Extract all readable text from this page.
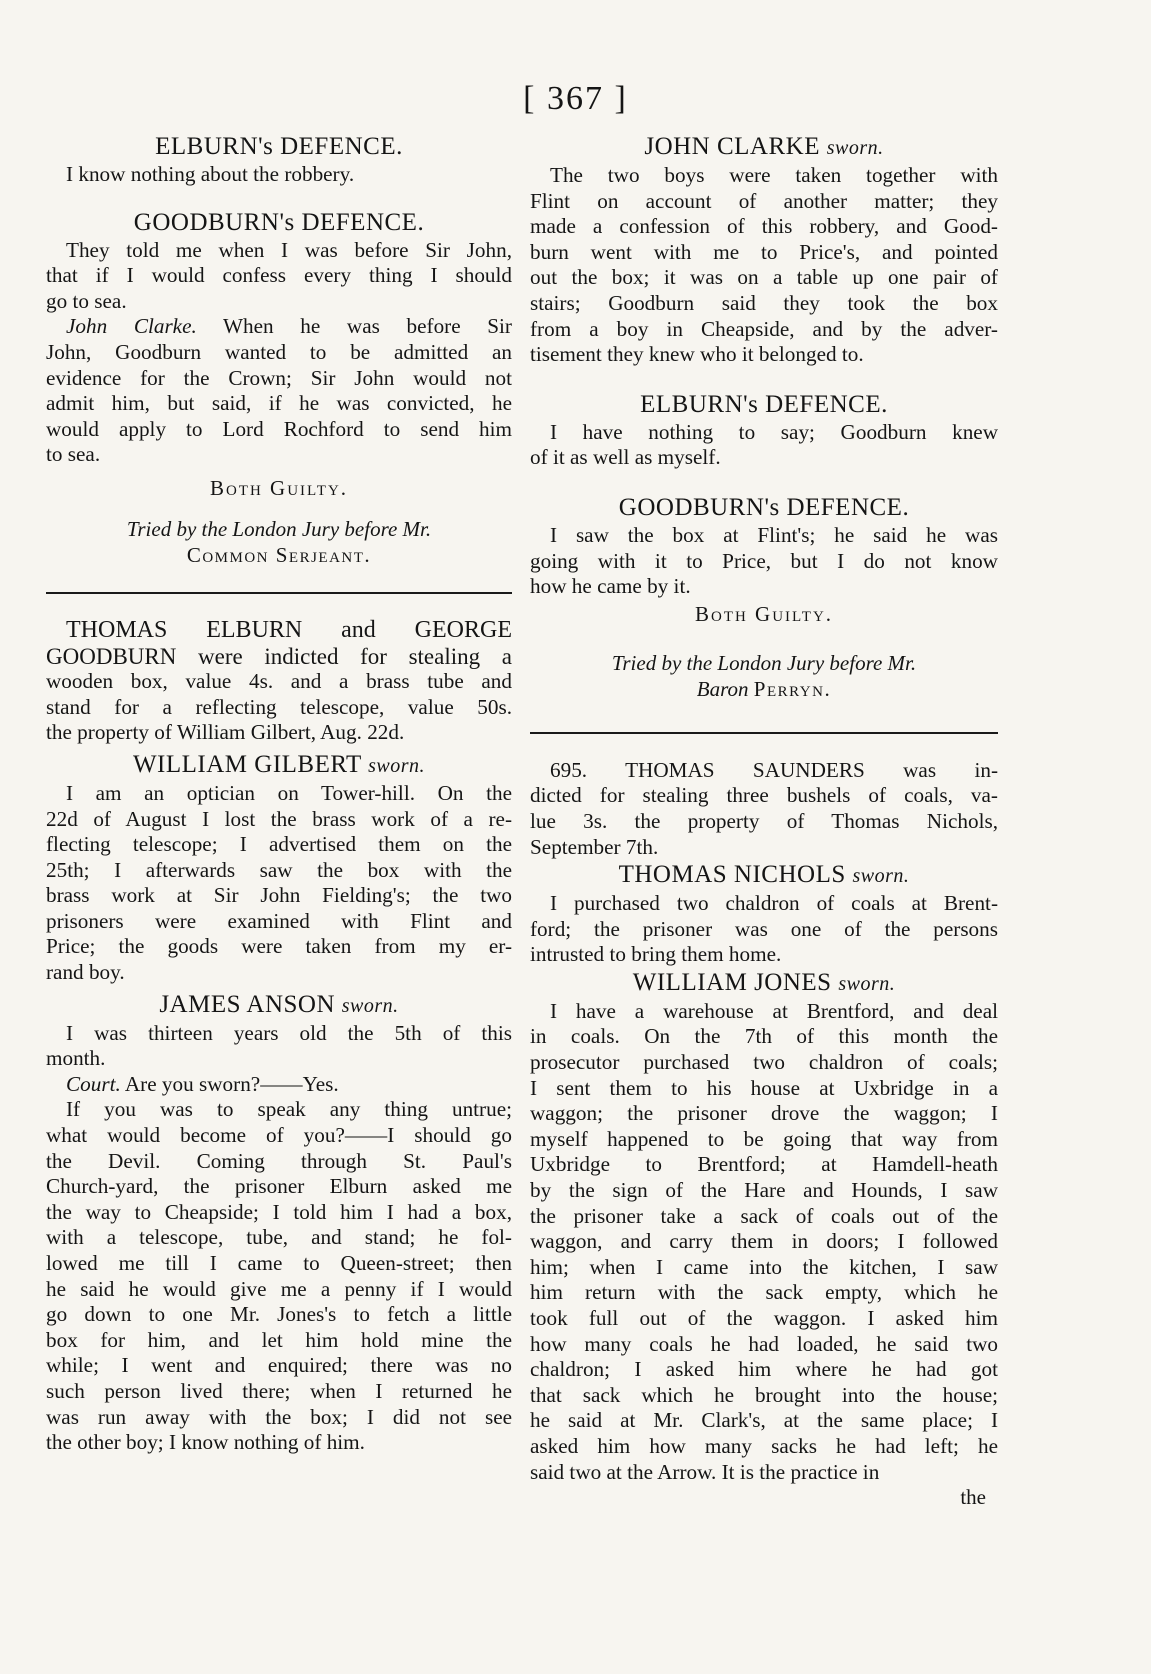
[ 367 ]

ELBURN's DEFENCE.

I know nothing about the robbery.

GOODBURN's DEFENCE.

They told me when I was before Sir John,
that if I would confess every thing I should
go to sea.
John Clarke. When he was before Sir
John, Goodburn wanted to be admitted an
evidence for the Crown; Sir John would not
admit him, but said, if he was convicted, he
would apply to Lord Rochford to send him
to sea.

Both Guilty.

Tried by the London Jury before Mr.
Common Serjeant.

THOMAS ELBURN and GEORGE
GOODBURN were indicted for stealing a
wooden box, value 4s. and a brass tube and
stand for a reflecting telescope, value 50s.
the property of William Gilbert, Aug. 22d.

WILLIAM GILBERT sworn.

I am an optician on Tower-hill. On the
22d of August I lost the brass work of a re-
flecting telescope; I advertised them on the
25th; I afterwards saw the box with the
brass work at Sir John Fielding's; the two
prisoners were examined with Flint and
Price; the goods were taken from my er-
rand boy.

JAMES ANSON sworn.

I was thirteen years old the 5th of this
month.
Court. Are you sworn?——Yes.
If you was to speak any thing untrue;
what would become of you?——I should go
the Devil. Coming through St. Paul's
Church-yard, the prisoner Elburn asked me
the way to Cheapside; I told him I had a box,
with a telescope, tube, and stand; he fol-
lowed me till I came to Queen-street; then
he said he would give me a penny if I would
go down to one Mr. Jones's to fetch a little
box for him, and let him hold mine the
while; I went and enquired; there was no
such person lived there; when I returned he
was run away with the box; I did not see
the other boy; I know nothing of him.

JOHN CLARKE sworn.

The two boys were taken together with
Flint on account of another matter; they
made a confession of this robbery, and Good-
burn went with me to Price's, and pointed
out the box; it was on a table up one pair of
stairs; Goodburn said they took the box
from a boy in Cheapside, and by the adver-
tisement they knew who it belonged to.

ELBURN's DEFENCE.

I have nothing to say; Goodburn knew
of it as well as myself.

GOODBURN's DEFENCE.

I saw the box at Flint's; he said he was
going with it to Price, but I do not know
how he came by it.

Both Guilty.

Tried by the London Jury before Mr.
Baron Perryn.

695. THOMAS SAUNDERS was in-
dicted for stealing three bushels of coals, va-
lue 3s. the property of Thomas Nichols,
September 7th.

THOMAS NICHOLS sworn.

I purchased two chaldron of coals at Brent-
ford; the prisoner was one of the persons
intrusted to bring them home.

WILLIAM JONES sworn.

I have a warehouse at Brentford, and deal
in coals. On the 7th of this month the
prosecutor purchased two chaldron of coals;
I sent them to his house at Uxbridge in a
waggon; the prisoner drove the waggon; I
myself happened to be going that way from
Uxbridge to Brentford; at Hamdell-heath
by the sign of the Hare and Hounds, I saw
the prisoner take a sack of coals out of the
waggon, and carry them in doors; I followed
him; when I came into the kitchen, I saw
him return with the sack empty, which he
took full out of the waggon. I asked him
how many coals he had loaded, he said two
chaldron; I asked him where he had got
that sack which he brought into the house;
he said at Mr. Clark's, at the same place; I
asked him how many sacks he had left; he
said two at the Arrow. It is the practice in
the
